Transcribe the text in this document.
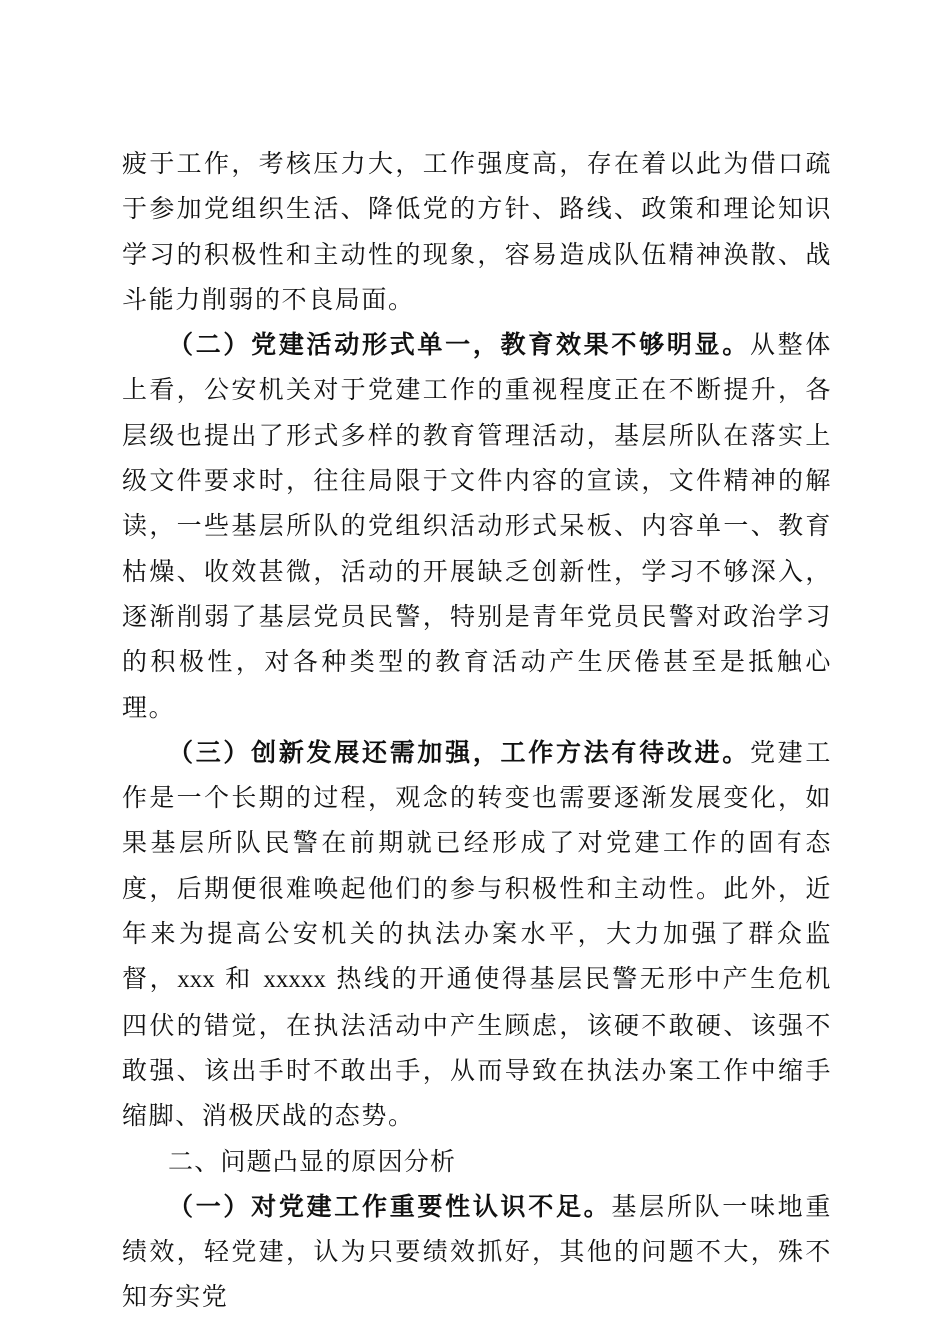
疲于工作，考核压力大，工作强度高，存在着以此为借口疏于参加党组织生活、降低党的方针、路线、政策和理论知识学习的积极性和主动性的现象，容易造成队伍精神涣散、战斗能力削弱的不良局面。

（二）党建活动形式单一，教育效果不够明显。从整体上看，公安机关对于党建工作的重视程度正在不断提升，各层级也提出了形式多样的教育管理活动，基层所队在落实上级文件要求时，往往局限于文件内容的宣读，文件精神的解读，一些基层所队的党组织活动形式呆板、内容单一、教育枯燥、收效甚微，活动的开展缺乏创新性，学习不够深入，逐渐削弱了基层党员民警，特别是青年党员民警对政治学习的积极性，对各种类型的教育活动产生厌倦甚至是抵触心理。

（三）创新发展还需加强，工作方法有待改进。党建工作是一个长期的过程，观念的转变也需要逐渐发展变化，如果基层所队民警在前期就已经形成了对党建工作的固有态度，后期便很难唤起他们的参与积极性和主动性。此外，近年来为提高公安机关的执法办案水平，大力加强了群众监督，xxx 和 xxxxx 热线的开通使得基层民警无形中产生危机四伏的错觉，在执法活动中产生顾虑，该硬不敢硬、该强不敢强、该出手时不敢出手，从而导致在执法办案工作中缩手缩脚、消极厌战的态势。

二、问题凸显的原因分析

（一）对党建工作重要性认识不足。基层所队一味地重绩效，轻党建，认为只要绩效抓好，其他的问题不大，殊不知夯实党
